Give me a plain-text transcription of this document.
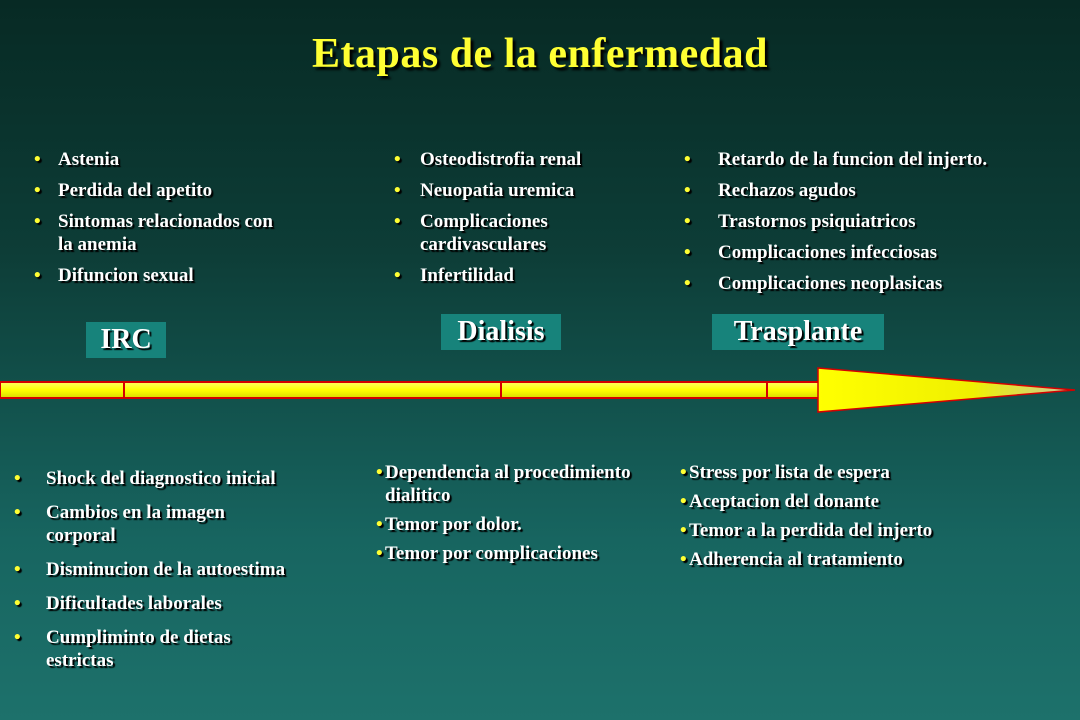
Etapas de la enfermedad
• Astenia
• Perdida del apetito
• Sintomas relacionados con la anemia
• Difuncion sexual
• Osteodistrofia renal
• Neuopatia uremica
• Complicaciones cardivasculares
• Infertilidad
• Retardo de la funcion del injerto.
• Rechazos agudos
• Trastornos psiquiatricos
• Complicaciones infecciosas
• Complicaciones neoplasicas
IRC	Dialisis	Trasplante
• Shock del diagnostico inicial
• Cambios en la imagen corporal
• Disminucion de la autoestima
• Dificultades laborales
• Cumpliminto de dietas estrictas
• Dependencia al procedimiento dialitico
• Temor por dolor.
• Temor por complicaciones
• Stress por lista de espera
• Aceptacion del donante
• Temor a la perdida del injerto
• Adherencia al tratamiento
